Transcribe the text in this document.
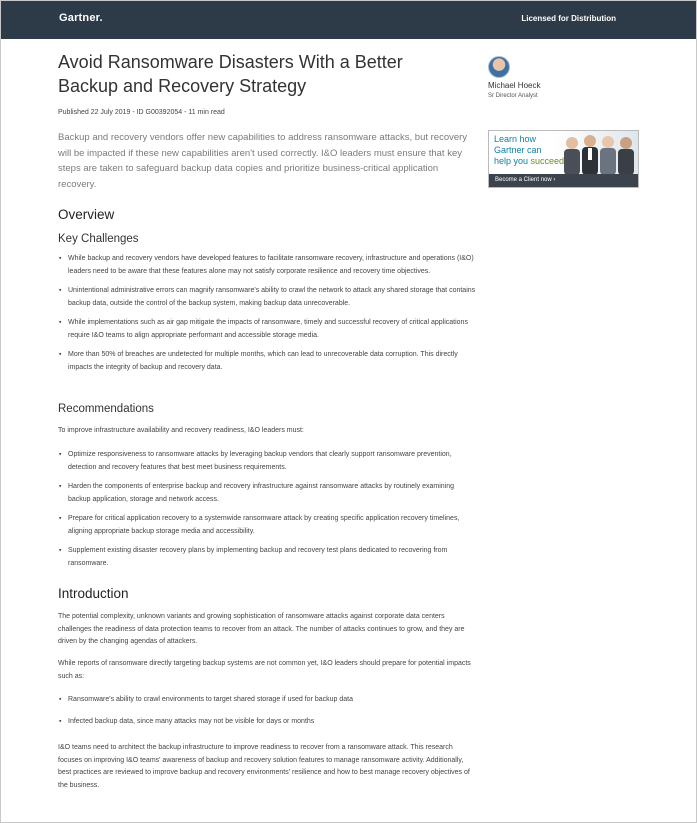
Gartner.	Licensed for Distribution
Avoid Ransomware Disasters With a Better Backup and Recovery Strategy
Published 22 July 2019 - ID G00392054 - 11 min read
Backup and recovery vendors offer new capabilities to address ransomware attacks, but recovery will be impacted if these new capabilities aren't used correctly. I&O leaders must ensure that key steps are taken to safeguard backup data copies and prioritize business-critical application recovery.
Overview
Key Challenges
▪ While backup and recovery vendors have developed features to facilitate ransomware recovery, infrastructure and operations (I&O) leaders need to be aware that these features alone may not satisfy corporate resilience and recovery time objectives.
▪ Unintentional administrative errors can magnify ransomware's ability to crawl the network to attack any shared storage that contains backup data, outside the control of the backup system, making backup data unrecoverable.
▪ While implementations such as air gap mitigate the impacts of ransomware, timely and successful recovery of critical applications require I&O teams to align appropriate performant and accessible storage media.
▪ More than 50% of breaches are undetected for multiple months, which can lead to unrecoverable data corruption. This directly impacts the integrity of backup and recovery data.
Recommendations

To improve infrastructure availability and recovery readiness, I&O leaders must:

▪ Optimize responsiveness to ransomware attacks by leveraging backup vendors that clearly support ransomware prevention, detection and recovery features that best meet business requirements.
▪ Harden the components of enterprise backup and recovery infrastructure against ransomware attacks by routinely examining backup application, storage and network access.
▪ Prepare for critical application recovery to a systemwide ransomware attack by creating specific application recovery timelines, aligning appropriate backup storage media and accessibility.
▪ Supplement existing disaster recovery plans by implementing backup and recovery test plans dedicated to recovering from ransomware.
Introduction

The potential complexity, unknown variants and growing sophistication of ransomware attacks against corporate data centers challenges the readiness of data protection teams to recover from an attack. The number of attacks continues to grow, and they are driven by the changing agendas of attackers.

While reports of ransomware directly targeting backup systems are not common yet, I&O leaders should prepare for potential impacts such as:

▪ Ransomware's ability to crawl environments to target shared storage if used for backup data
▪ Infected backup data, since many attacks may not be visible for days or months

I&O teams need to architect the backup infrastructure to improve readiness to recover from a ransomware attack. This research focuses on improving I&O teams' awareness of backup and recovery solution features to manage ransomware activity. Additionally, best practices are reviewed to improve backup and recovery environments' resilience and how to best manage recovery objectives of the business.

Michael Hoeck
Sr Director Analyst
Learn how
Gartner can
help you succeed
Become a Client now ›
